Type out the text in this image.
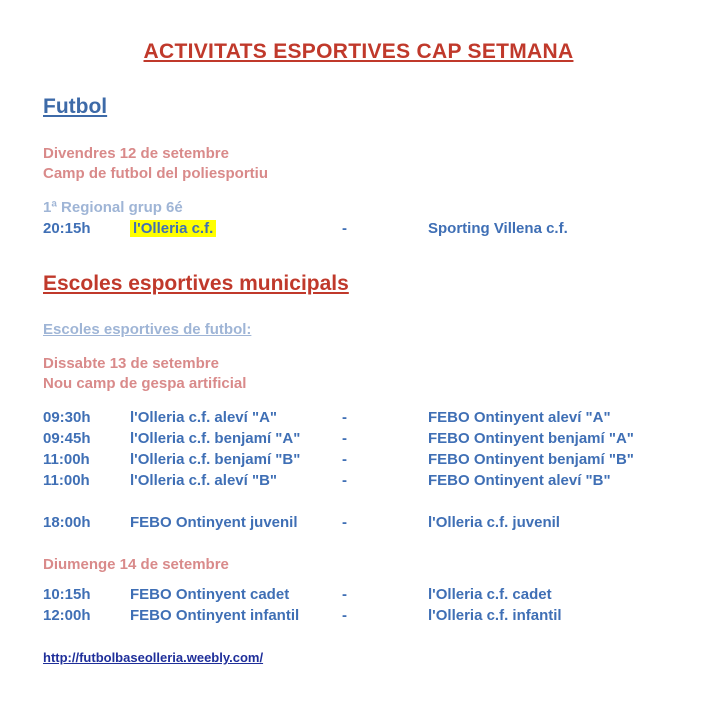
ACTIVITATS ESPORTIVES CAP SETMANA
Futbol
Divendres 12 de setembre
Camp de futbol del poliesportiu
1ª Regional grup 6é
20:15h	l'Olleria c.f.	-	Sporting Villena c.f.
Escoles esportives municipals
Escoles esportives de futbol:
Dissabte 13 de setembre
Nou camp de gespa artificial
09:30h	l'Olleria c.f. aleví "A"	-	FEBO Ontinyent aleví "A"
09:45h	l'Olleria c.f. benjamí "A"	-	FEBO Ontinyent benjamí "A"
11:00h	l'Olleria c.f. benjamí "B"	-	FEBO Ontinyent benjamí "B"
11:00h	l'Olleria c.f. aleví "B"	-	FEBO Ontinyent aleví "B"
18:00h	FEBO Ontinyent juvenil	-	l'Olleria c.f. juvenil
Diumenge 14 de setembre
10:15h	FEBO Ontinyent cadet	-	l'Olleria c.f. cadet
12:00h	FEBO Ontinyent infantil	-	l'Olleria c.f. infantil
http://futbolbaseolleria.weebly.com/
